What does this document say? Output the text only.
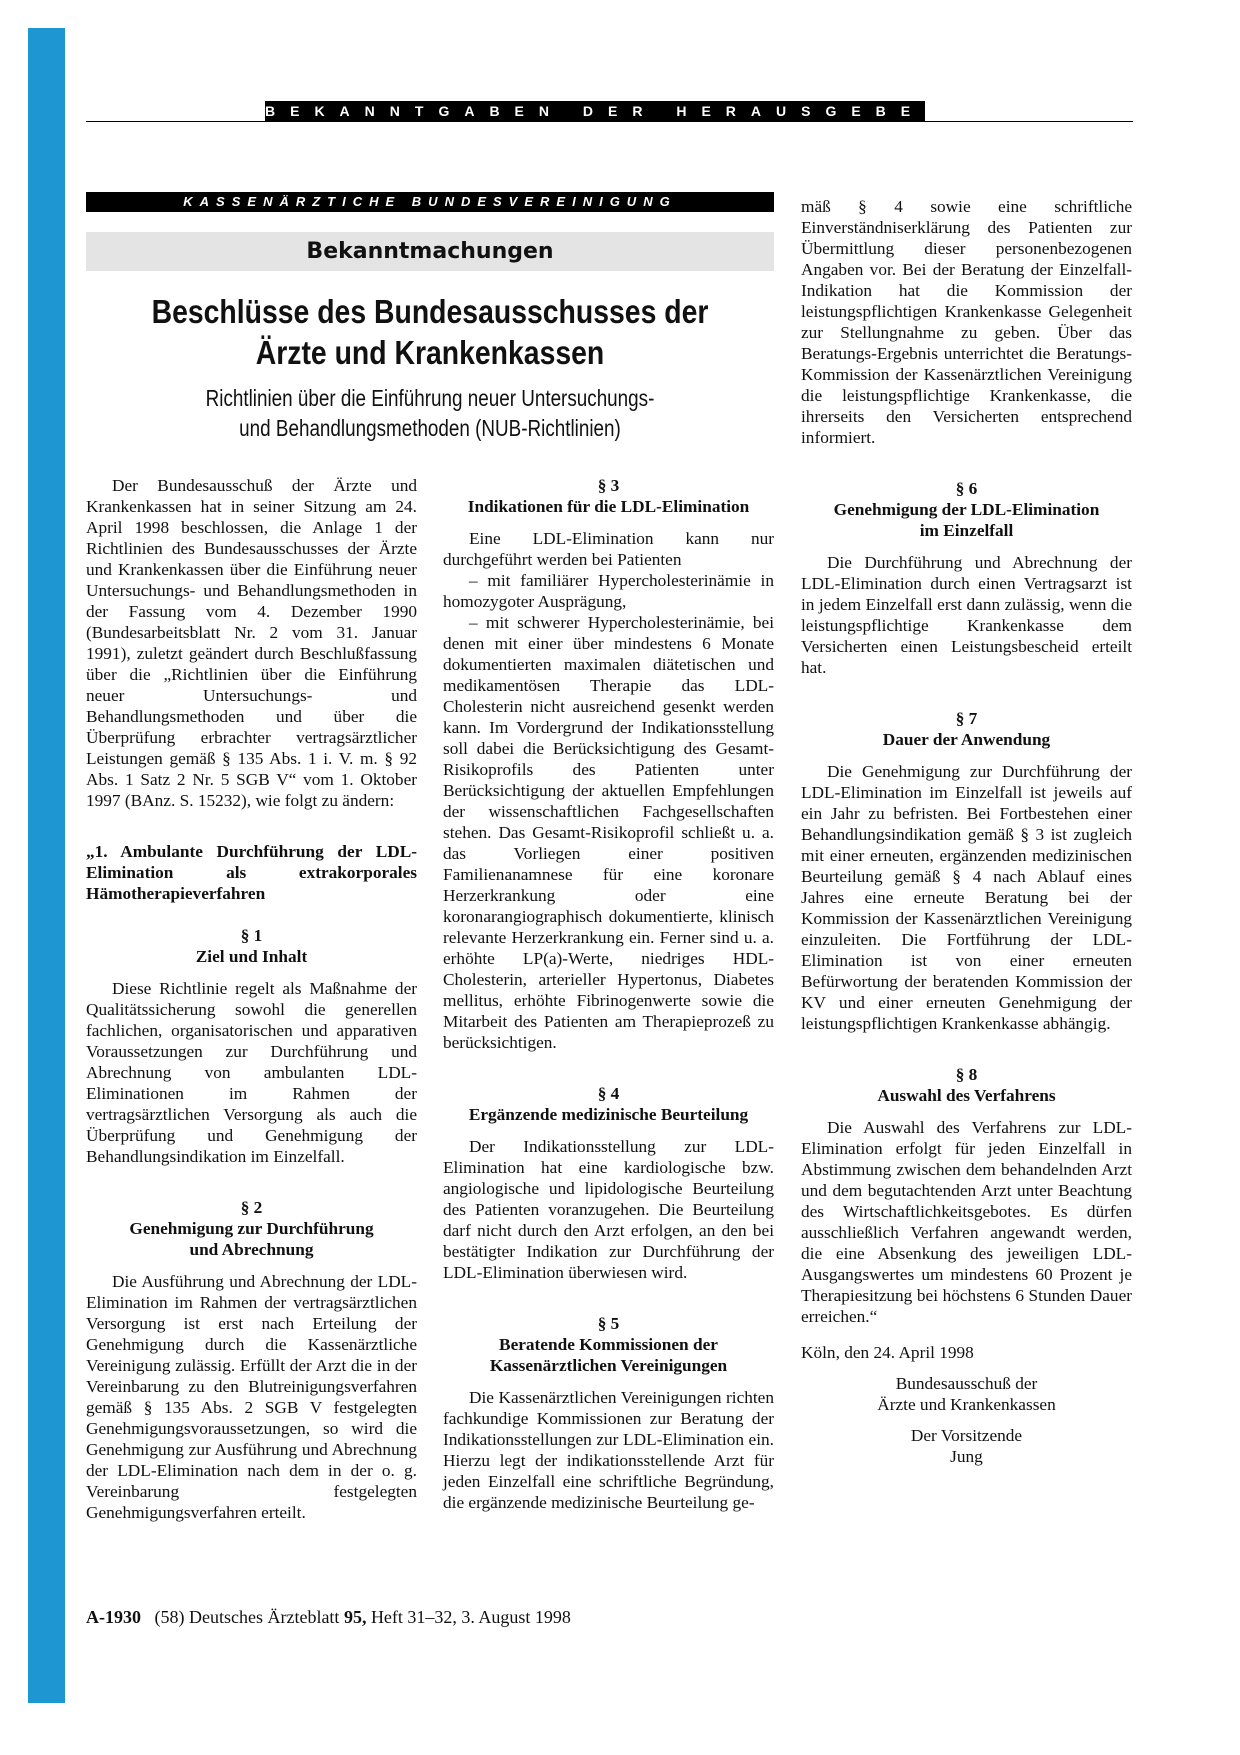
BEKANNTGABEN DER HERAUSGEBER
KASSENÄRZTICHE BUNDESVEREINIGUNG
Bekanntmachungen
Beschlüsse des Bundesausschusses der
Ärzte und Krankenkassen
Richtlinien über die Einführung neuer Untersuchungs-
und Behandlungsmethoden (NUB-Richtlinien)

Der Bundesausschuß der Ärzte und Krankenkassen hat in seiner Sitzung am 24. April 1998 beschlossen, die Anlage 1 der Richtlinien des Bundesausschusses der Ärzte und Krankenkassen über die Einführung neuer Untersuchungs- und Behandlungsmethoden in der Fassung vom 4. Dezember 1990 (Bundesarbeitsblatt Nr. 2 vom 31. Januar 1991), zuletzt geändert durch Beschlußfassung über die „Richtlinien über die Einführung neuer Untersuchungs- und Behandlungsmethoden und über die Überprüfung erbrachter vertragsärztlicher Leistungen gemäß § 135 Abs. 1 i. V. m. § 92 Abs. 1 Satz 2 Nr. 5 SGB V“ vom 1. Oktober 1997 (BAnz. S. 15232), wie folgt zu ändern:

„1. Ambulante Durchführung der LDL-Elimination als extrakorporales Hämotherapieverfahren

§ 1
Ziel und Inhalt

Diese Richtlinie regelt als Maßnahme der Qualitätssicherung sowohl die generellen fachlichen, organisatorischen und apparativen Voraussetzungen zur Durchführung und Abrechnung von ambulanten LDL-Eliminationen im Rahmen der vertragsärztlichen Versorgung als auch die Überprüfung und Genehmigung der Behandlungsindikation im Einzelfall.

§ 2
Genehmigung zur Durchführung
und Abrechnung

Die Ausführung und Abrechnung der LDL-Elimination im Rahmen der vertragsärztlichen Versorgung ist erst nach Erteilung der Genehmigung durch die Kassenärztliche Vereinigung zulässig. Erfüllt der Arzt die in der Vereinbarung zu den Blutreinigungsverfahren gemäß § 135 Abs. 2 SGB V festgelegten Genehmigungsvoraussetzungen, so wird die Genehmigung zur Ausführung und Abrechnung der LDL-Elimination nach dem in der o. g. Vereinbarung festgelegten Genehmigungsverfahren erteilt.

§ 3
Indikationen für die LDL-Elimination

Eine LDL-Elimination kann nur durchgeführt werden bei Patienten

– mit familiärer Hypercholesterinämie in homozygoter Ausprägung,

– mit schwerer Hypercholesterinämie, bei denen mit einer über mindestens 6 Monate dokumentierten maximalen diätetischen und medikamentösen Therapie das LDL-Cholesterin nicht ausreichend gesenkt werden kann. Im Vordergrund der Indikationsstellung soll dabei die Berücksichtigung des Gesamt-Risikoprofils des Patienten unter Berücksichtigung der aktuellen Empfehlungen der wissenschaftlichen Fachgesellschaften stehen. Das Gesamt-Risikoprofil schließt u. a. das Vorliegen einer positiven Familienanamnese für eine koronare Herzerkrankung oder eine koronarangiographisch dokumentierte, klinisch relevante Herzerkrankung ein. Ferner sind u. a. erhöhte LP(a)-Werte, niedriges HDL-Cholesterin, arterieller Hypertonus, Diabetes mellitus, erhöhte Fibrinogenwerte sowie die Mitarbeit des Patienten am Therapieprozeß zu berücksichtigen.

§ 4
Ergänzende medizinische Beurteilung

Der Indikationsstellung zur LDL-Elimination hat eine kardiologische bzw. angiologische und lipidologische Beurteilung des Patienten voranzugehen. Die Beurteilung darf nicht durch den Arzt erfolgen, an den bei bestätigter Indikation zur Durchführung der LDL-Elimination überwiesen wird.

§ 5
Beratende Kommissionen der
Kassenärztlichen Vereinigungen

Die Kassenärztlichen Vereinigungen richten fachkundige Kommissionen zur Beratung der Indikationsstellungen zur LDL-Elimination ein. Hierzu legt der indikationsstellende Arzt für jeden Einzelfall eine schriftliche Begründung, die ergänzende medizinische Beurteilung ge-

mäß § 4 sowie eine schriftliche Einverständniserklärung des Patienten zur Übermittlung dieser personenbezogenen Angaben vor. Bei der Beratung der Einzelfall-Indikation hat die Kommission der leistungspflichtigen Krankenkasse Gelegenheit zur Stellungnahme zu geben. Über das Beratungs-Ergebnis unterrichtet die Beratungs-Kommission der Kassenärztlichen Vereinigung die leistungspflichtige Krankenkasse, die ihrerseits den Versicherten entsprechend informiert.

§ 6
Genehmigung der LDL-Elimination
im Einzelfall

Die Durchführung und Abrechnung der LDL-Elimination durch einen Vertragsarzt ist in jedem Einzelfall erst dann zulässig, wenn die leistungspflichtige Krankenkasse dem Versicherten einen Leistungsbescheid erteilt hat.

§ 7
Dauer der Anwendung

Die Genehmigung zur Durchführung der LDL-Elimination im Einzelfall ist jeweils auf ein Jahr zu befristen. Bei Fortbestehen einer Behandlungsindikation gemäß § 3 ist zugleich mit einer erneuten, ergänzenden medizinischen Beurteilung gemäß § 4 nach Ablauf eines Jahres eine erneute Beratung bei der Kommission der Kassenärztlichen Vereinigung einzuleiten. Die Fortführung der LDL-Elimination ist von einer erneuten Befürwortung der beratenden Kommission der KV und einer erneuten Genehmigung der leistungspflichtigen Krankenkasse abhängig.

§ 8
Auswahl des Verfahrens

Die Auswahl des Verfahrens zur LDL-Elimination erfolgt für jeden Einzelfall in Abstimmung zwischen dem behandelnden Arzt und dem begutachtenden Arzt unter Beachtung des Wirtschaftlichkeitsgebotes. Es dürfen ausschließlich Verfahren angewandt werden, die eine Absenkung des jeweiligen LDL-Ausgangswertes um mindestens 60 Prozent je Therapiesitzung bei höchstens 6 Stunden Dauer erreichen.“

Köln, den 24. April 1998

Bundesausschuß der

Ärzte und Krankenkassen

Der Vorsitzende

Jung

A-1930 (58) Deutsches Ärzteblatt 95, Heft 31–32, 3. August 1998
